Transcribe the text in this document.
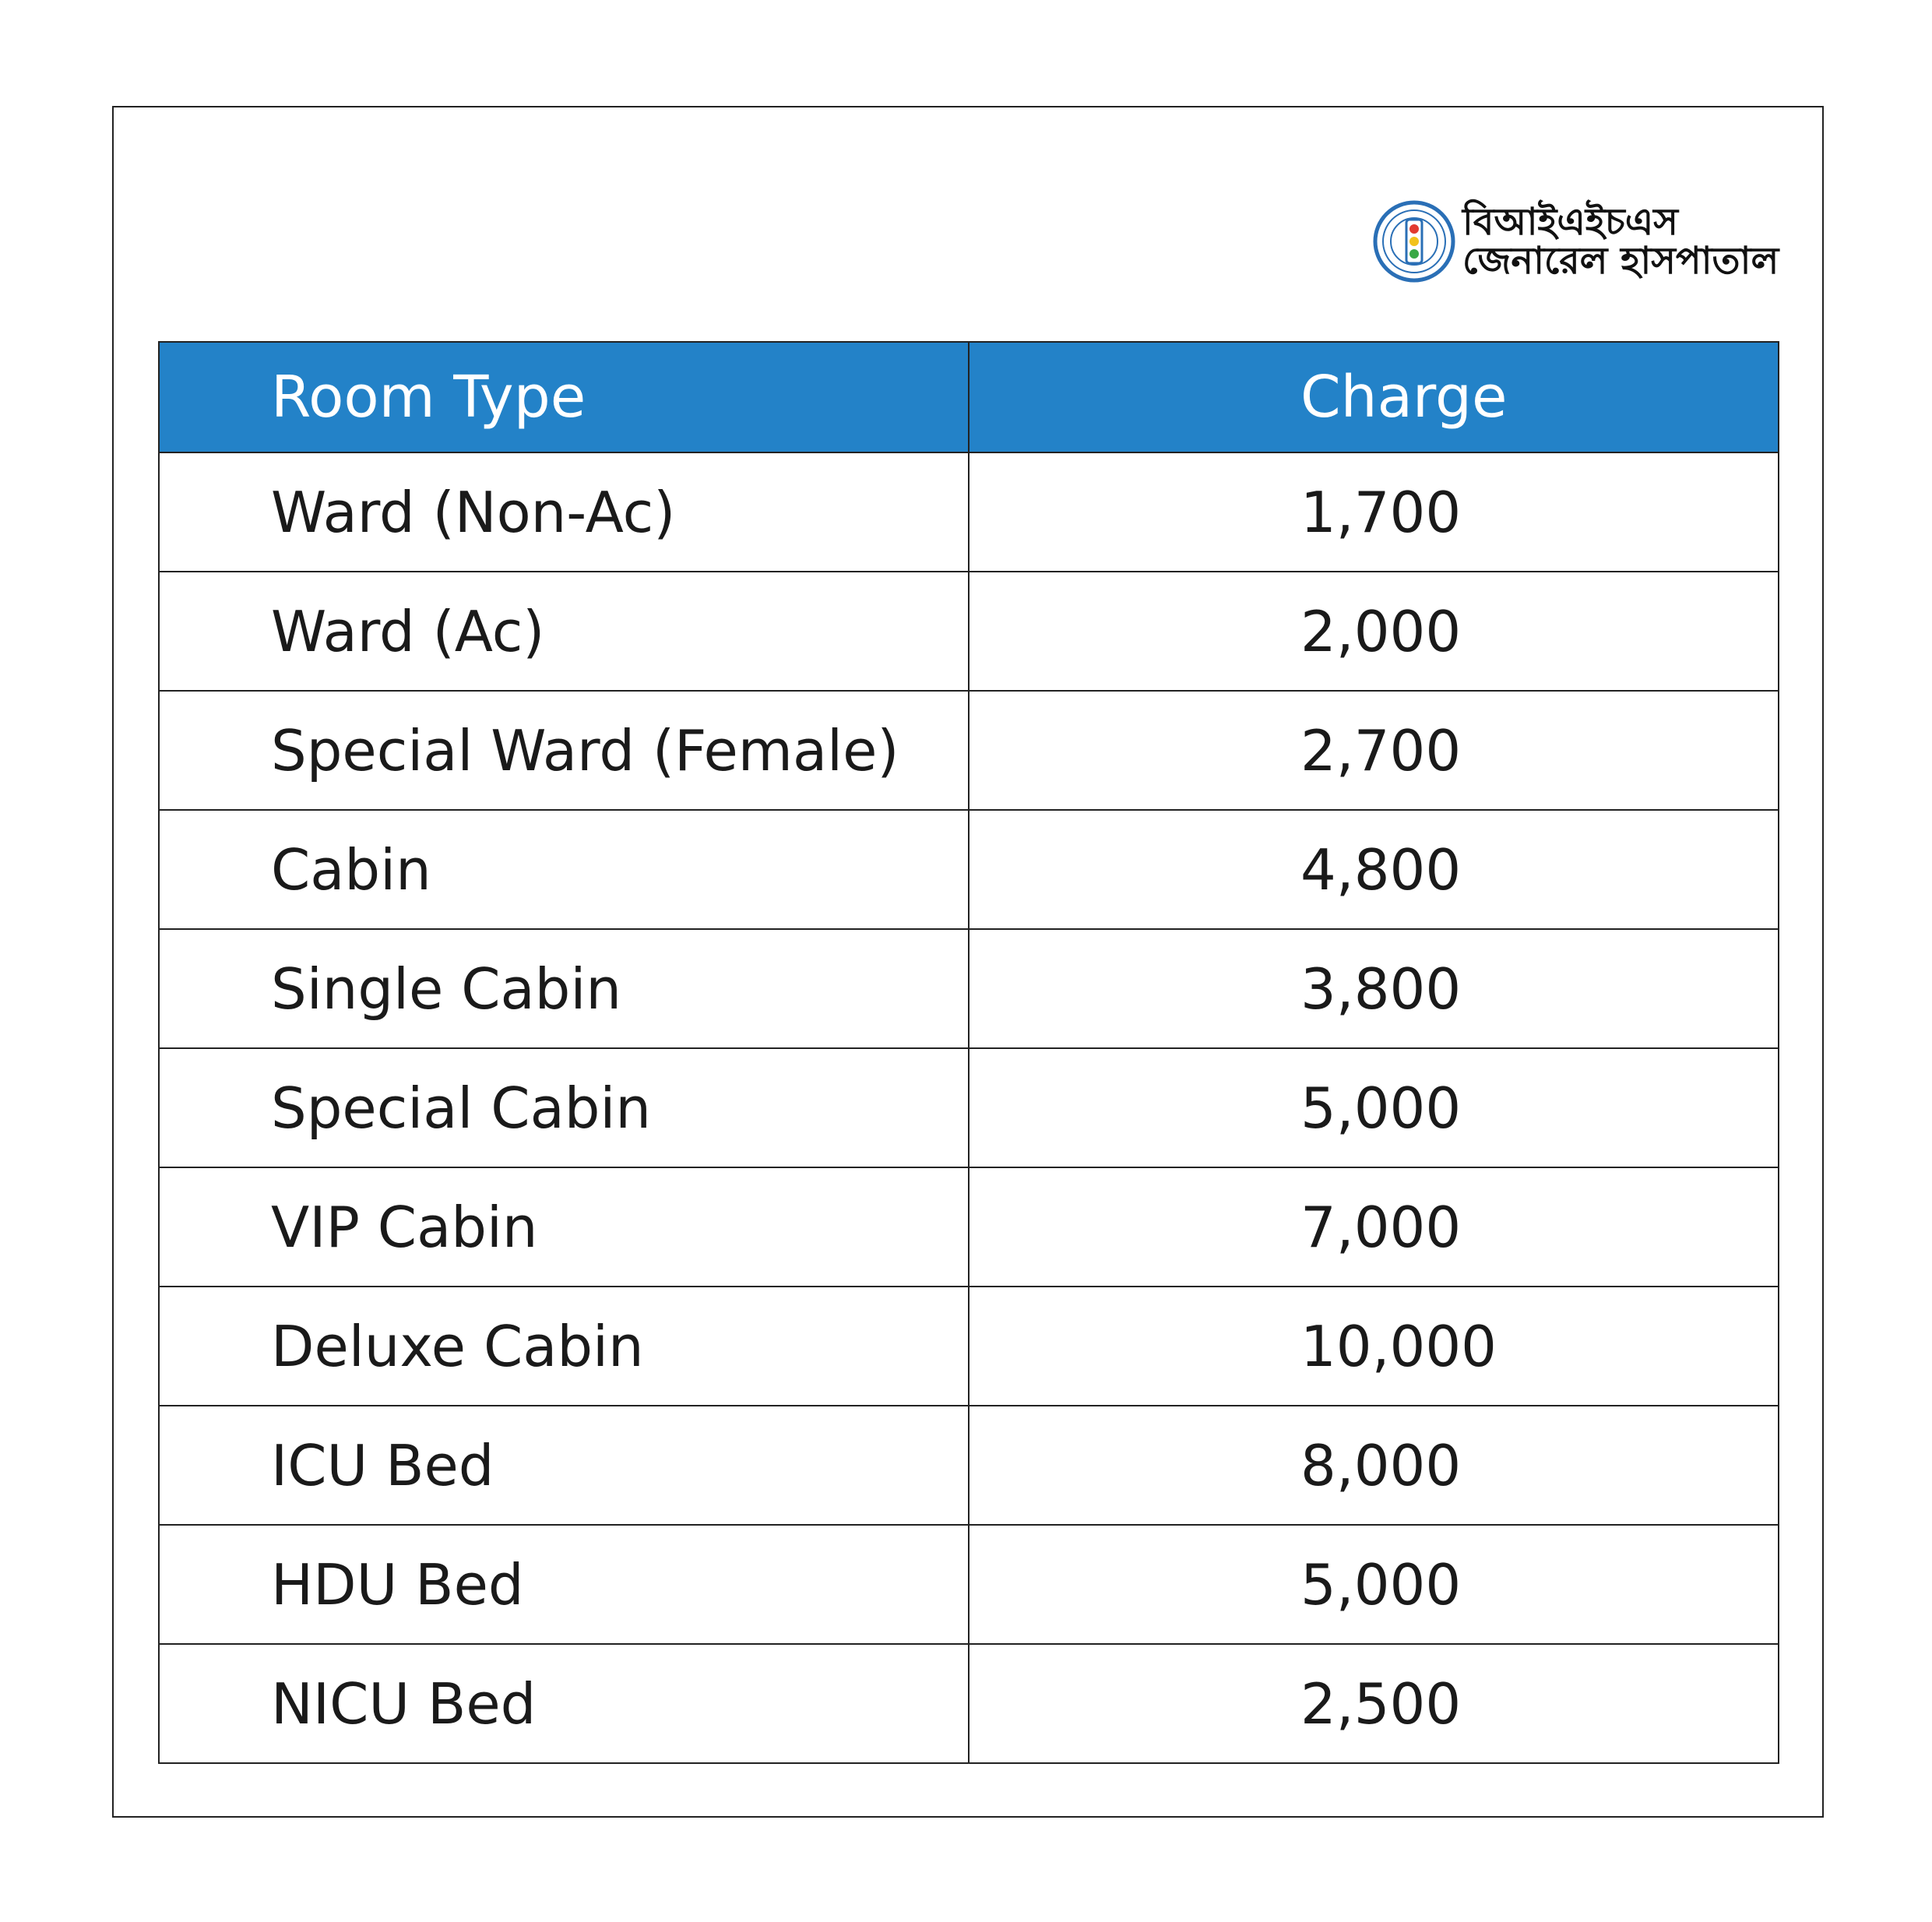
বিআইএইচএস
জেনারেল হাসপাতাল
Room Type	Charge
Ward (Non-Ac)	1,700
Ward (Ac)	2,000
Special Ward (Female)	2,700
Cabin	4,800
Single Cabin	3,800
Special Cabin	5,000
VIP Cabin	7,000
Deluxe Cabin	10,000
ICU Bed	8,000
HDU Bed	5,000
NICU Bed	2,500
